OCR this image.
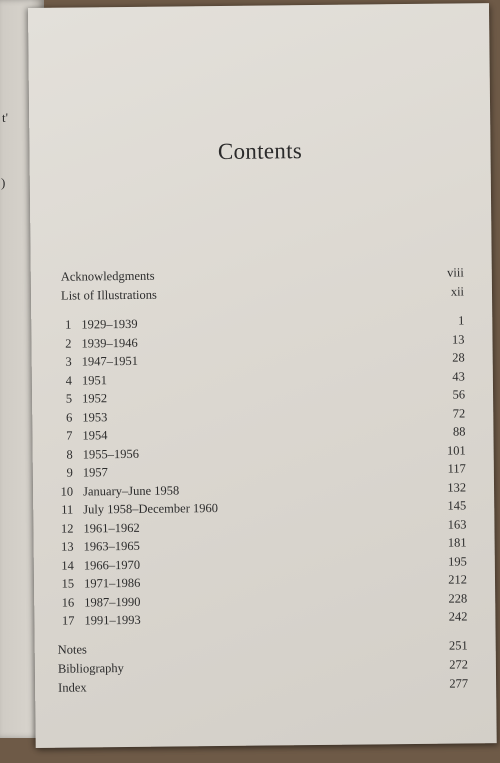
t'
)
Contents
Acknowledgments	viii
List of Illustrations	xii
1 1929–1939	1
2 1939–1946	13
3 1947–1951	28
4 1951	43
5 1952	56
6 1953	72
7 1954	88
8 1955–1956	101
9 1957	117
10 January–June 1958	132
11 July 1958–December 1960	145
12 1961–1962	163
13 1963–1965	181
14 1966–1970	195
15 1971–1986	212
16 1987–1990	228
17 1991–1993	242
Notes	251
Bibliography	272
Index	277
